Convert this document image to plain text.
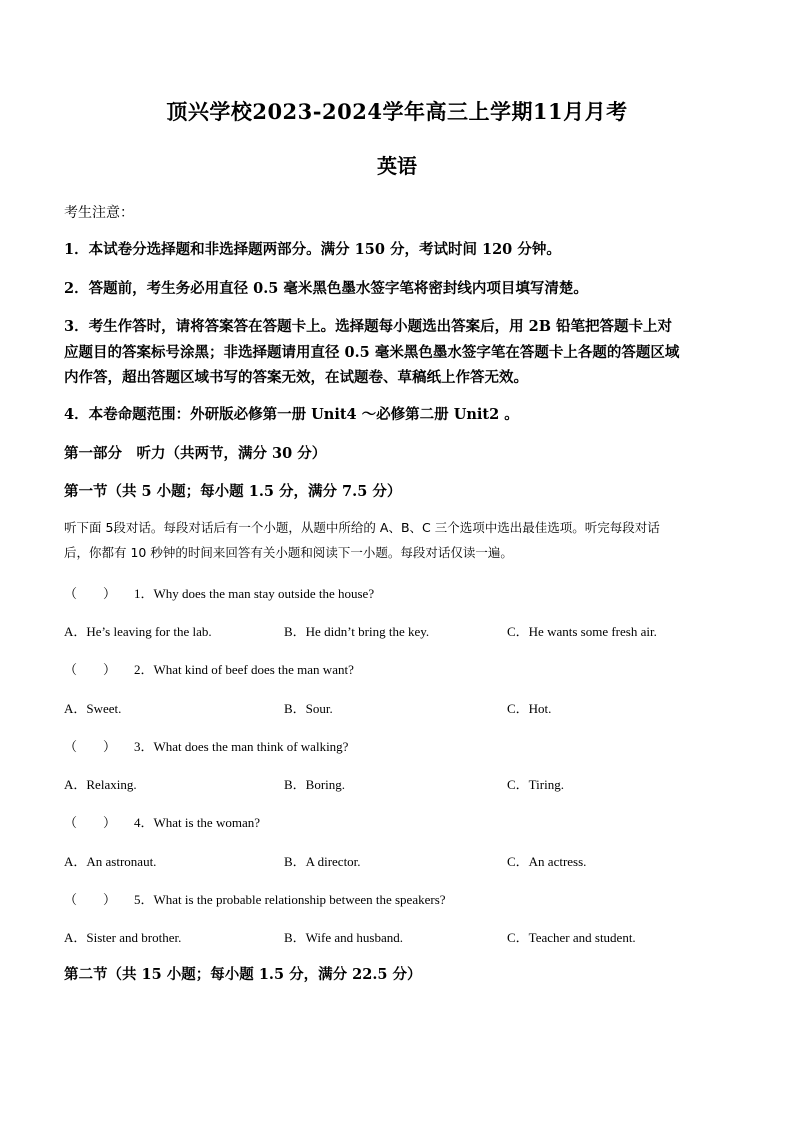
顶兴学校2023-2024学年高三上学期11月月考
英语
考生注意：
1．本试卷分选择题和非选择题两部分。满分 150 分，考试时间 120 分钟。
2．答题前，考生务必用直径 0.5 毫米黑色墨水签字笔将密封线内项目填写清楚。
3．考生作答时，请将答案答在答题卡上。选择题每小题选出答案后，用 2B 铅笔把答题卡上对
应题目的答案标号涂黑；非选择题请用直径 0.5 毫米黑色墨水签字笔在答题卡上各题的答题区域
内作答，超出答题区域书写的答案无效，在试题卷、草稿纸上作答无效。
4．本卷命题范围：外研版必修第一册 Unit4 ～必修第二册 Unit2 。
第一部分　听力（共两节，满分 30 分）
第一节（共 5 小题；每小题 1.5 分，满分 7.5 分）
听下面 5段对话。每段对话后有一个小题，从题中所给的 A、B、C 三个选项中选出最佳选项。听完每段对话
后，你都有 10 秒钟的时间来回答有关小题和阅读下一小题。每段对话仅读一遍。
（　　） 1．Why does the man stay outside the house?
A．He’s leaving for the lab.	B．He didn’t bring the key.	C．He wants some fresh air.
（　　） 2．What kind of beef does the man want?
A．Sweet.	B．Sour.	C．Hot.
（　　） 3．What does the man think of walking?
A．Relaxing.	B．Boring.	C．Tiring.
（　　） 4．What is the woman?
A．An astronaut.	B．A director.	C．An actress.
（　　） 5．What is the probable relationship between the speakers?
A．Sister and brother.	B．Wife and husband.	C．Teacher and student.
第二节（共 15 小题；每小题 1.5 分，满分 22.5 分）
